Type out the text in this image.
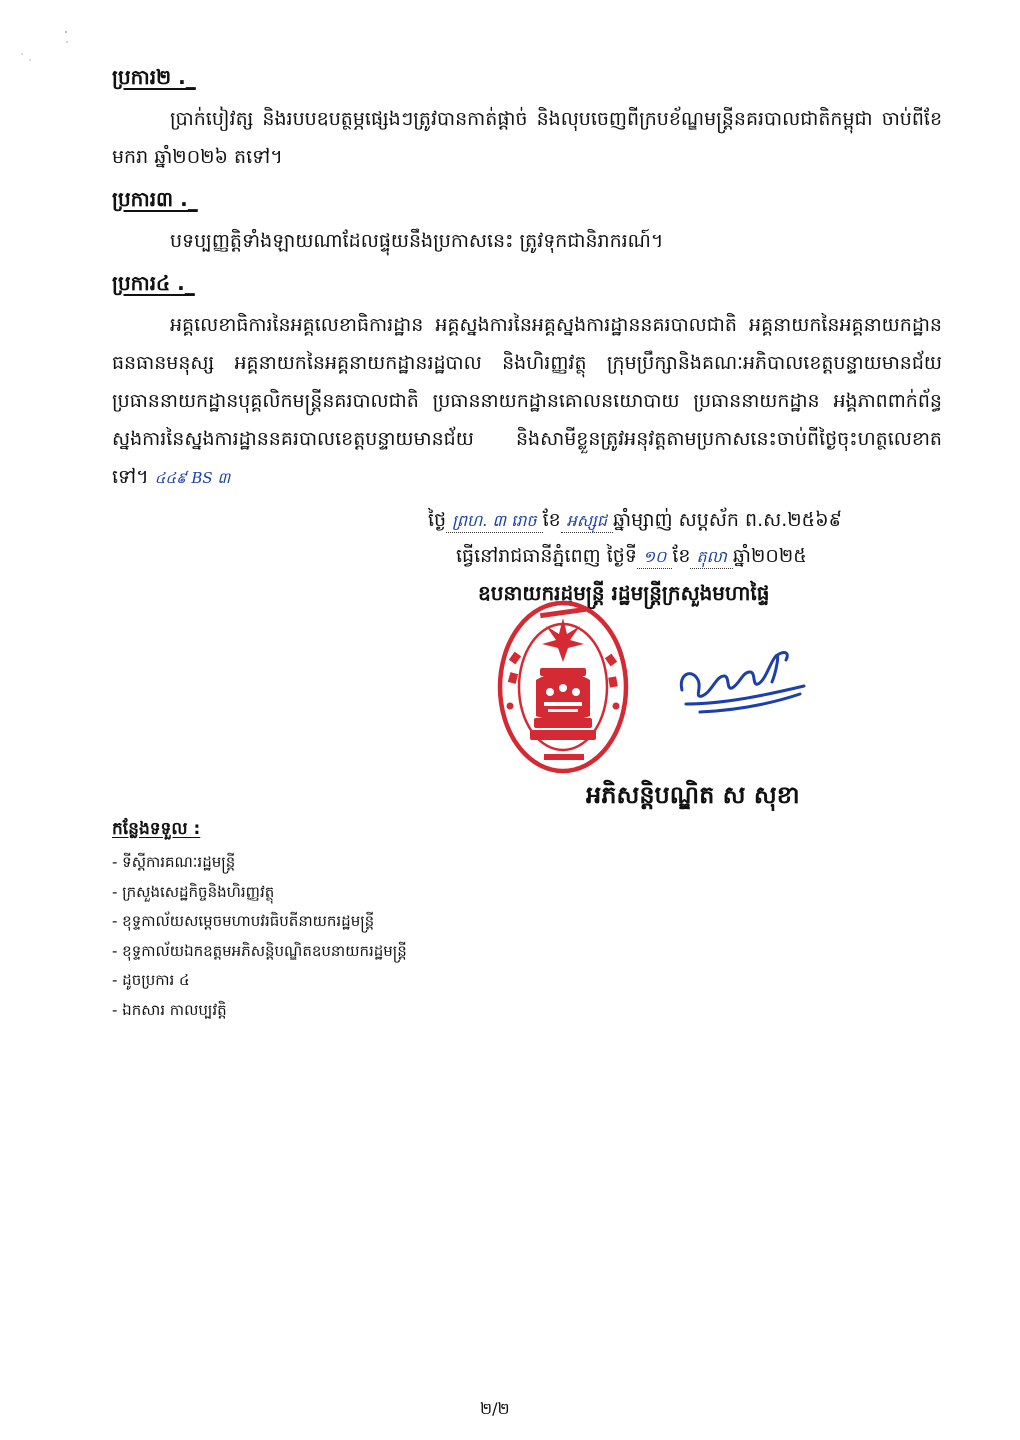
ប្រការ២ ._
ប្រាក់បៀវត្ស និងរបបឧបត្ថម្ភផ្សេងៗត្រូវបានកាត់ផ្តាច់ និងលុបចេញពីក្របខ័ណ្ឌមន្ត្រីនគរបាលជាតិកម្ពុជា ចាប់ពីខែមករា ឆ្នាំ២០២៦ តទៅ។
ប្រការ៣ ._
បទប្បញ្ញត្តិទាំងឡាយណាដែលផ្ទុយនឹងប្រកាសនេះ ត្រូវទុកជានិរាករណ៍។
ប្រការ៤ ._
អគ្គលេខាធិការនៃអគ្គលេខាធិការដ្ឋាន អគ្គស្នងការនៃអគ្គស្នងការដ្ឋាននគរបាលជាតិ អគ្គនាយកនៃអគ្គនាយកដ្ឋានធនធានមនុស្ស អគ្គនាយកនៃអគ្គនាយកដ្ឋានរដ្ឋបាល និងហិរញ្ញវត្ថុ ក្រុមប្រឹក្សានិងគណៈអភិបាលខេត្តបន្ទាយមានជ័យ ប្រធាននាយកដ្ឋានបុគ្គលិកមន្ត្រីនគរបាលជាតិ ប្រធាននាយកដ្ឋានគោលនយោបាយ ប្រធាននាយកដ្ឋាន អង្គភាពពាក់ព័ន្ធ ស្នងការនៃស្នងការដ្ឋាននគរបាលខេត្តបន្ទាយមានជ័យ និងសាមីខ្លួនត្រូវអនុវត្តតាមប្រកាសនេះចាប់ពីថ្ងៃចុះហត្ថលេខាតទៅ។ ៤៤៩ BS ៣
ថ្ងៃ ព្រហ. ៣ រោច ខែ អស្សុជ ឆ្នាំម្សាញ់ សប្តស័ក ព.ស.២៥៦៩
ធ្វើនៅរាជធានីភ្នំពេញ ថ្ងៃទី ១០ ខែ តុលា ឆ្នាំ២០២៥
ឧបនាយករដ្ឋមន្ត្រី រដ្ឋមន្ត្រីក្រសួងមហាផ្ទៃ
អភិសន្តិបណ្ឌិត ស សុខា
កន្លែងទទួល :
- ទីស្តីការគណៈរដ្ឋមន្ត្រី
- ក្រសួងសេដ្ឋកិច្ចនិងហិរញ្ញវត្ថុ
- ខុទ្ទកាល័យសម្តេចមហាបវរធិបតីនាយករដ្ឋមន្ត្រី
- ខុទ្ទកាល័យឯកឧត្តមអភិសន្តិបណ្ឌិតឧបនាយករដ្ឋមន្ត្រី
- ដូចប្រការ ៤
- ឯកសារ កាលប្បវត្តិ
២/២
